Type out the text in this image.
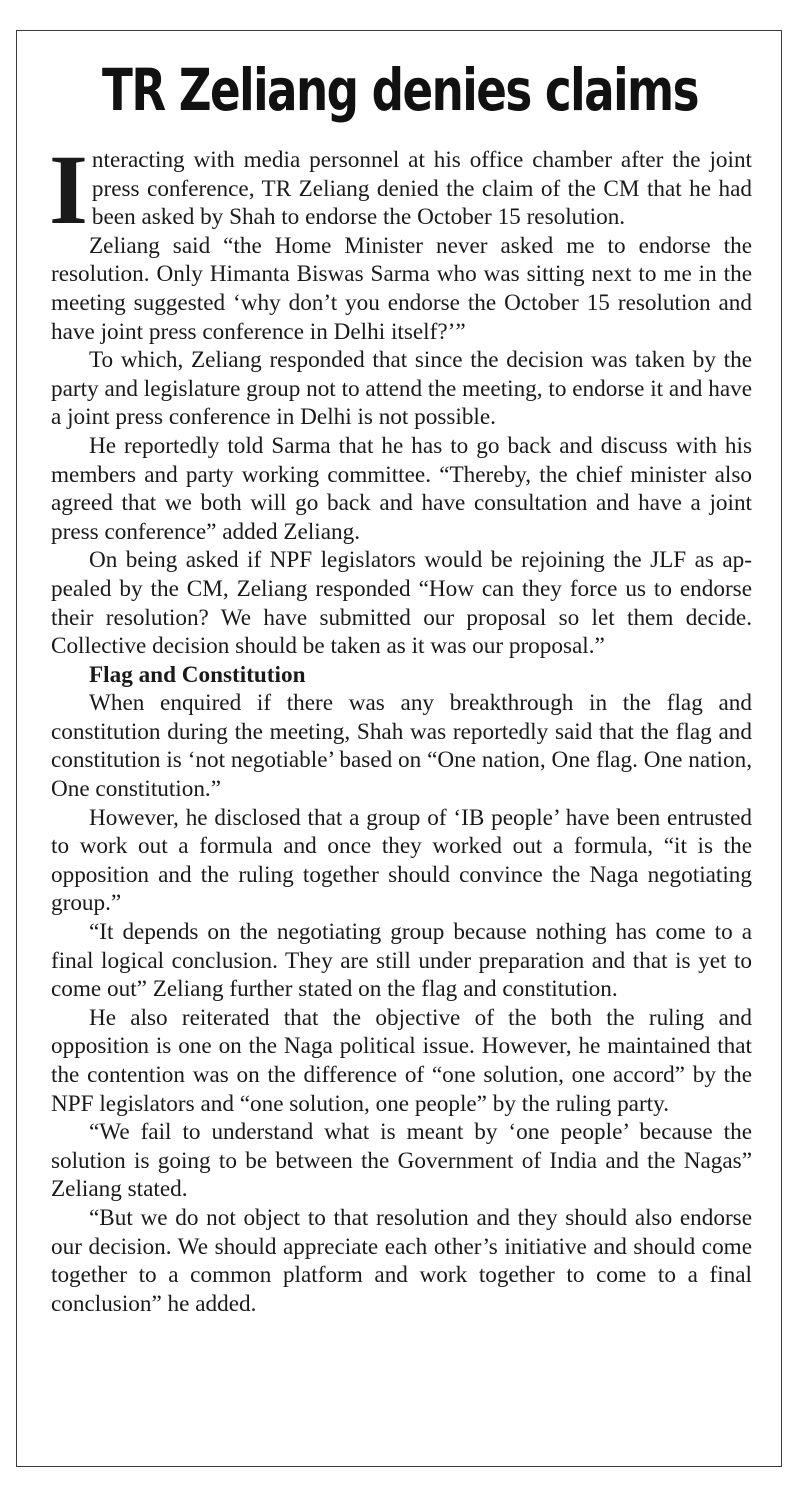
TR Zeliang denies claims

Interacting with media personnel at his office chamber after the joint press conference, TR Zeliang denied the claim of the CM that he had been asked by Shah to endorse the October 15 resolution.

Zeliang said “the Home Minister never asked me to endorse the resolution. Only Himanta Biswas Sarma who was sitting next to me in the meeting suggested ‘why don’t you endorse the October 15 resolution and have joint press conference in Delhi itself?’”

To which, Zeliang responded that since the decision was taken by the party and legislature group not to attend the meeting, to endorse it and have a joint press conference in Delhi is not possible.

He reportedly told Sarma that he has to go back and discuss with his members and party working committee. “Thereby, the chief minister also agreed that we both will go back and have consultation and have a joint press conference” added Zeliang.

On being asked if NPF legislators would be rejoining the JLF as appealed by the CM, Zeliang responded “How can they force us to endorse their resolution? We have submitted our proposal so let them decide. Collective decision should be taken as it was our proposal.”

Flag and Constitution

When enquired if there was any breakthrough in the flag and constitution during the meeting, Shah was reportedly said that the flag and constitution is ‘not negotiable’ based on “One nation, One flag. One nation, One constitution.”

However, he disclosed that a group of ‘IB people’ have been entrusted to work out a formula and once they worked out a formula, “it is the opposition and the ruling together should convince the Naga negotiating group.”

“It depends on the negotiating group because nothing has come to a final logical conclusion. They are still under preparation and that is yet to come out” Zeliang further stated on the flag and constitution.

He also reiterated that the objective of the both the ruling and opposition is one on the Naga political issue. However, he maintained that the contention was on the difference of “one solution, one accord” by the NPF legislators and “one solution, one people” by the ruling party.

“We fail to understand what is meant by ‘one people’ because the solution is going to be between the Government of India and the Nagas” Zeliang stated.

“But we do not object to that resolution and they should also endorse our decision. We should appreciate each other’s initiative and should come together to a common platform and work together to come to a final conclusion” he added.
